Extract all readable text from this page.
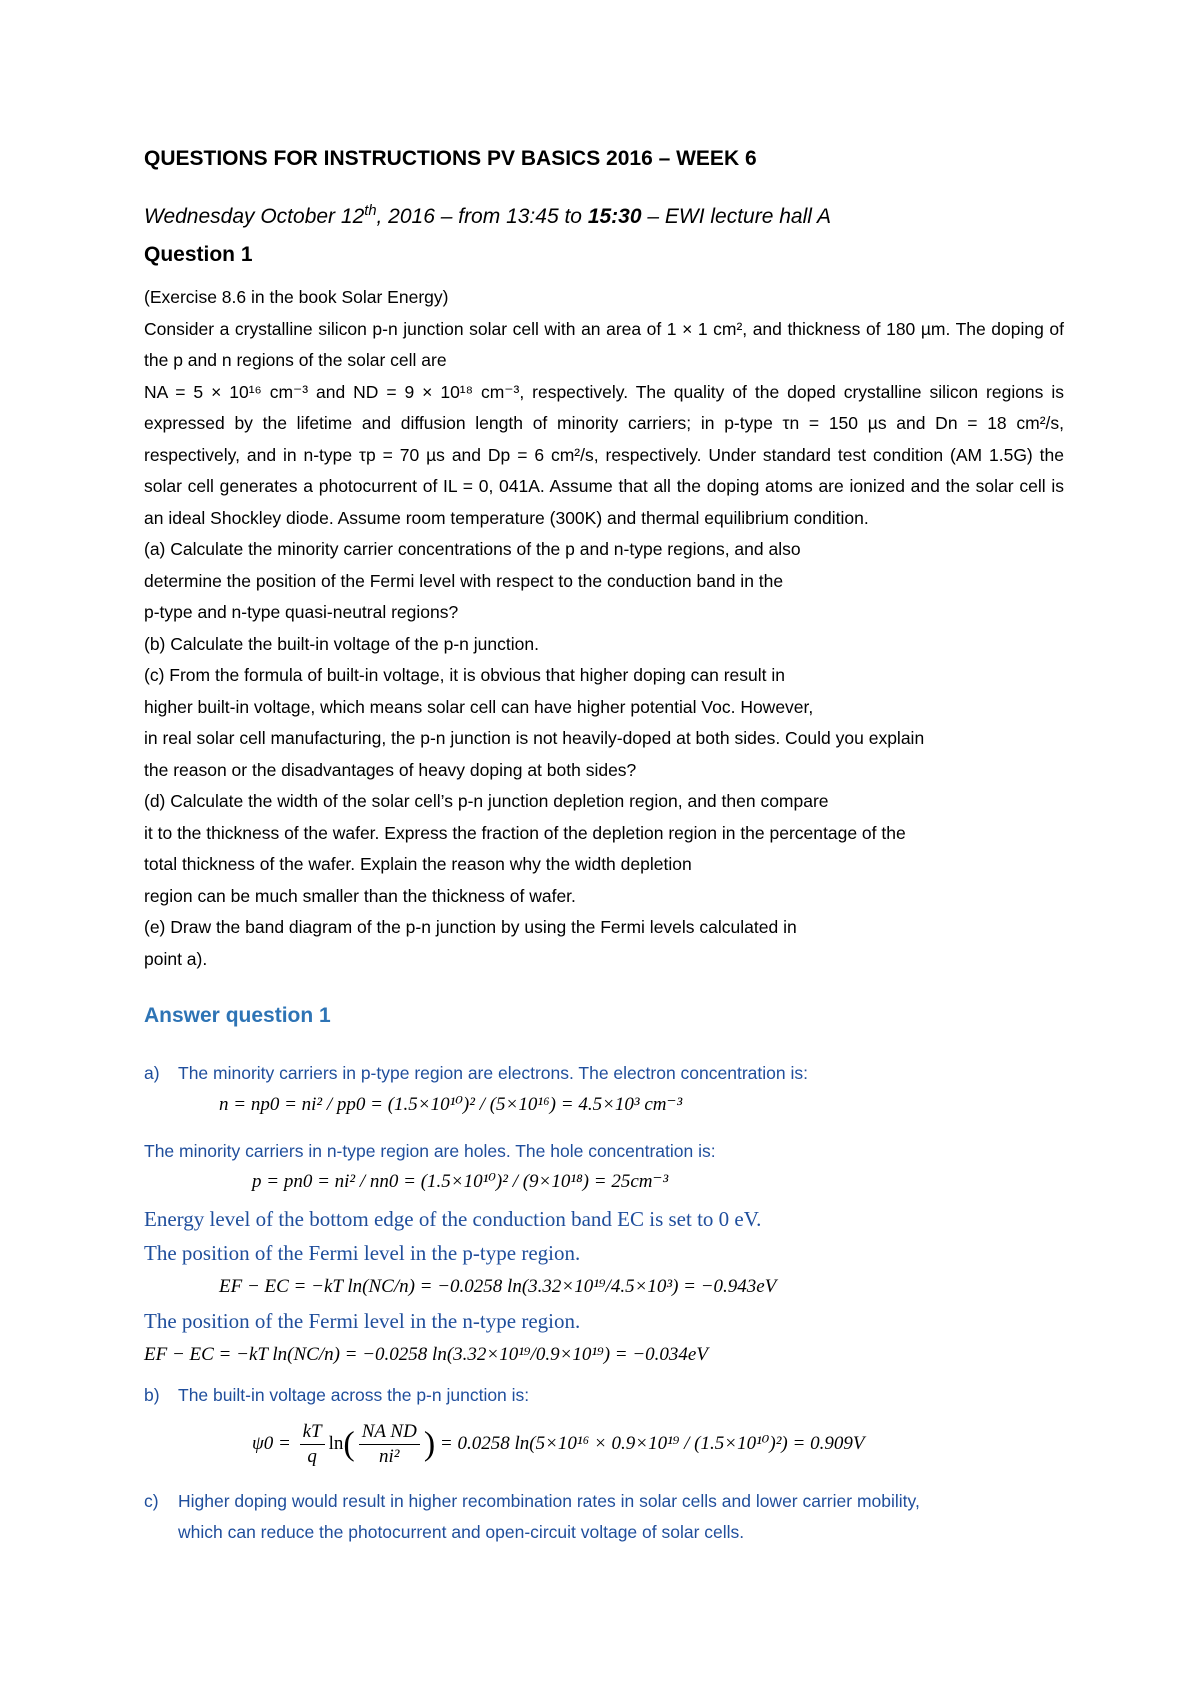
QUESTIONS FOR INSTRUCTIONS PV BASICS 2016 – WEEK 6
Wednesday October 12th, 2016 – from 13:45 to 15:30 – EWI lecture hall A
Question 1
(Exercise 8.6 in the book Solar Energy)
Consider a crystalline silicon p-n junction solar cell with an area of 1 × 1 cm², and thickness of 180 µm. The doping of the p and n regions of the solar cell are
NA = 5 × 10¹⁶ cm⁻³ and ND = 9 × 10¹⁸ cm⁻³, respectively. The quality of the doped crystalline silicon regions is expressed by the lifetime and diffusion length of minority carriers; in p-type τn = 150 µs and Dn = 18 cm²/s, respectively, and in n-type τp = 70 µs and Dp = 6 cm²/s, respectively. Under standard test condition (AM 1.5G) the solar cell generates a photocurrent of IL = 0, 041A. Assume that all the doping atoms are ionized and the solar cell is an ideal Shockley diode. Assume room temperature (300K) and thermal equilibrium condition.
(a) Calculate the minority carrier concentrations of the p and n-type regions, and also
determine the position of the Fermi level with respect to the conduction band in the
p-type and n-type quasi-neutral regions?
(b) Calculate the built-in voltage of the p-n junction.
(c) From the formula of built-in voltage, it is obvious that higher doping can result in
higher built-in voltage, which means solar cell can have higher potential Voc. However,
in real solar cell manufacturing, the p-n junction is not heavily-doped at both sides. Could you explain
the reason or the disadvantages of heavy doping at both sides?
(d) Calculate the width of the solar cell’s p-n junction depletion region, and then compare
it to the thickness of the wafer. Express the fraction of the depletion region in the percentage of the
total thickness of the wafer. Explain the reason why the width depletion
region can be much smaller than the thickness of wafer.
(e) Draw the band diagram of the p-n junction by using the Fermi levels calculated in
point a).
Answer question 1
a) The minority carriers in p-type region are electrons. The electron concentration is:
n = np0 = ni² / pp0 = (1.5×10¹⁰)² / (5×10¹⁶) = 4.5×10³ cm⁻³
The minority carriers in n-type region are holes. The hole concentration is:
p = pn0 = ni² / nn0 = (1.5×10¹⁰)² / (9×10¹⁸) = 25cm⁻³
Energy level of the bottom edge of the conduction band EC is set to 0 eV.
The position of the Fermi level in the p-type region.
EF − EC = −kT ln(NC/n) = −0.0258 ln(3.32×10¹⁹/4.5×10³) = −0.943eV
The position of the Fermi level in the n-type region.
EF − EC = −kT ln(NC/n) = −0.0258 ln(3.32×10¹⁹/0.9×10¹⁹) = −0.034eV
b) The built-in voltage across the p-n junction is:
$\psi 0 = \frac{kT}{q} \ln( \frac{\text{NA ND}}{\text{ni²}}$ ) = 0.0258 ln(5×10¹⁶ × 0.9×10¹⁹ / (1.5×10¹⁰)²) = 0.909V
c) Higher doping would result in higher recombination rates in solar cells and lower carrier mobility,
which can reduce the photocurrent and open-circuit voltage of solar cells.
